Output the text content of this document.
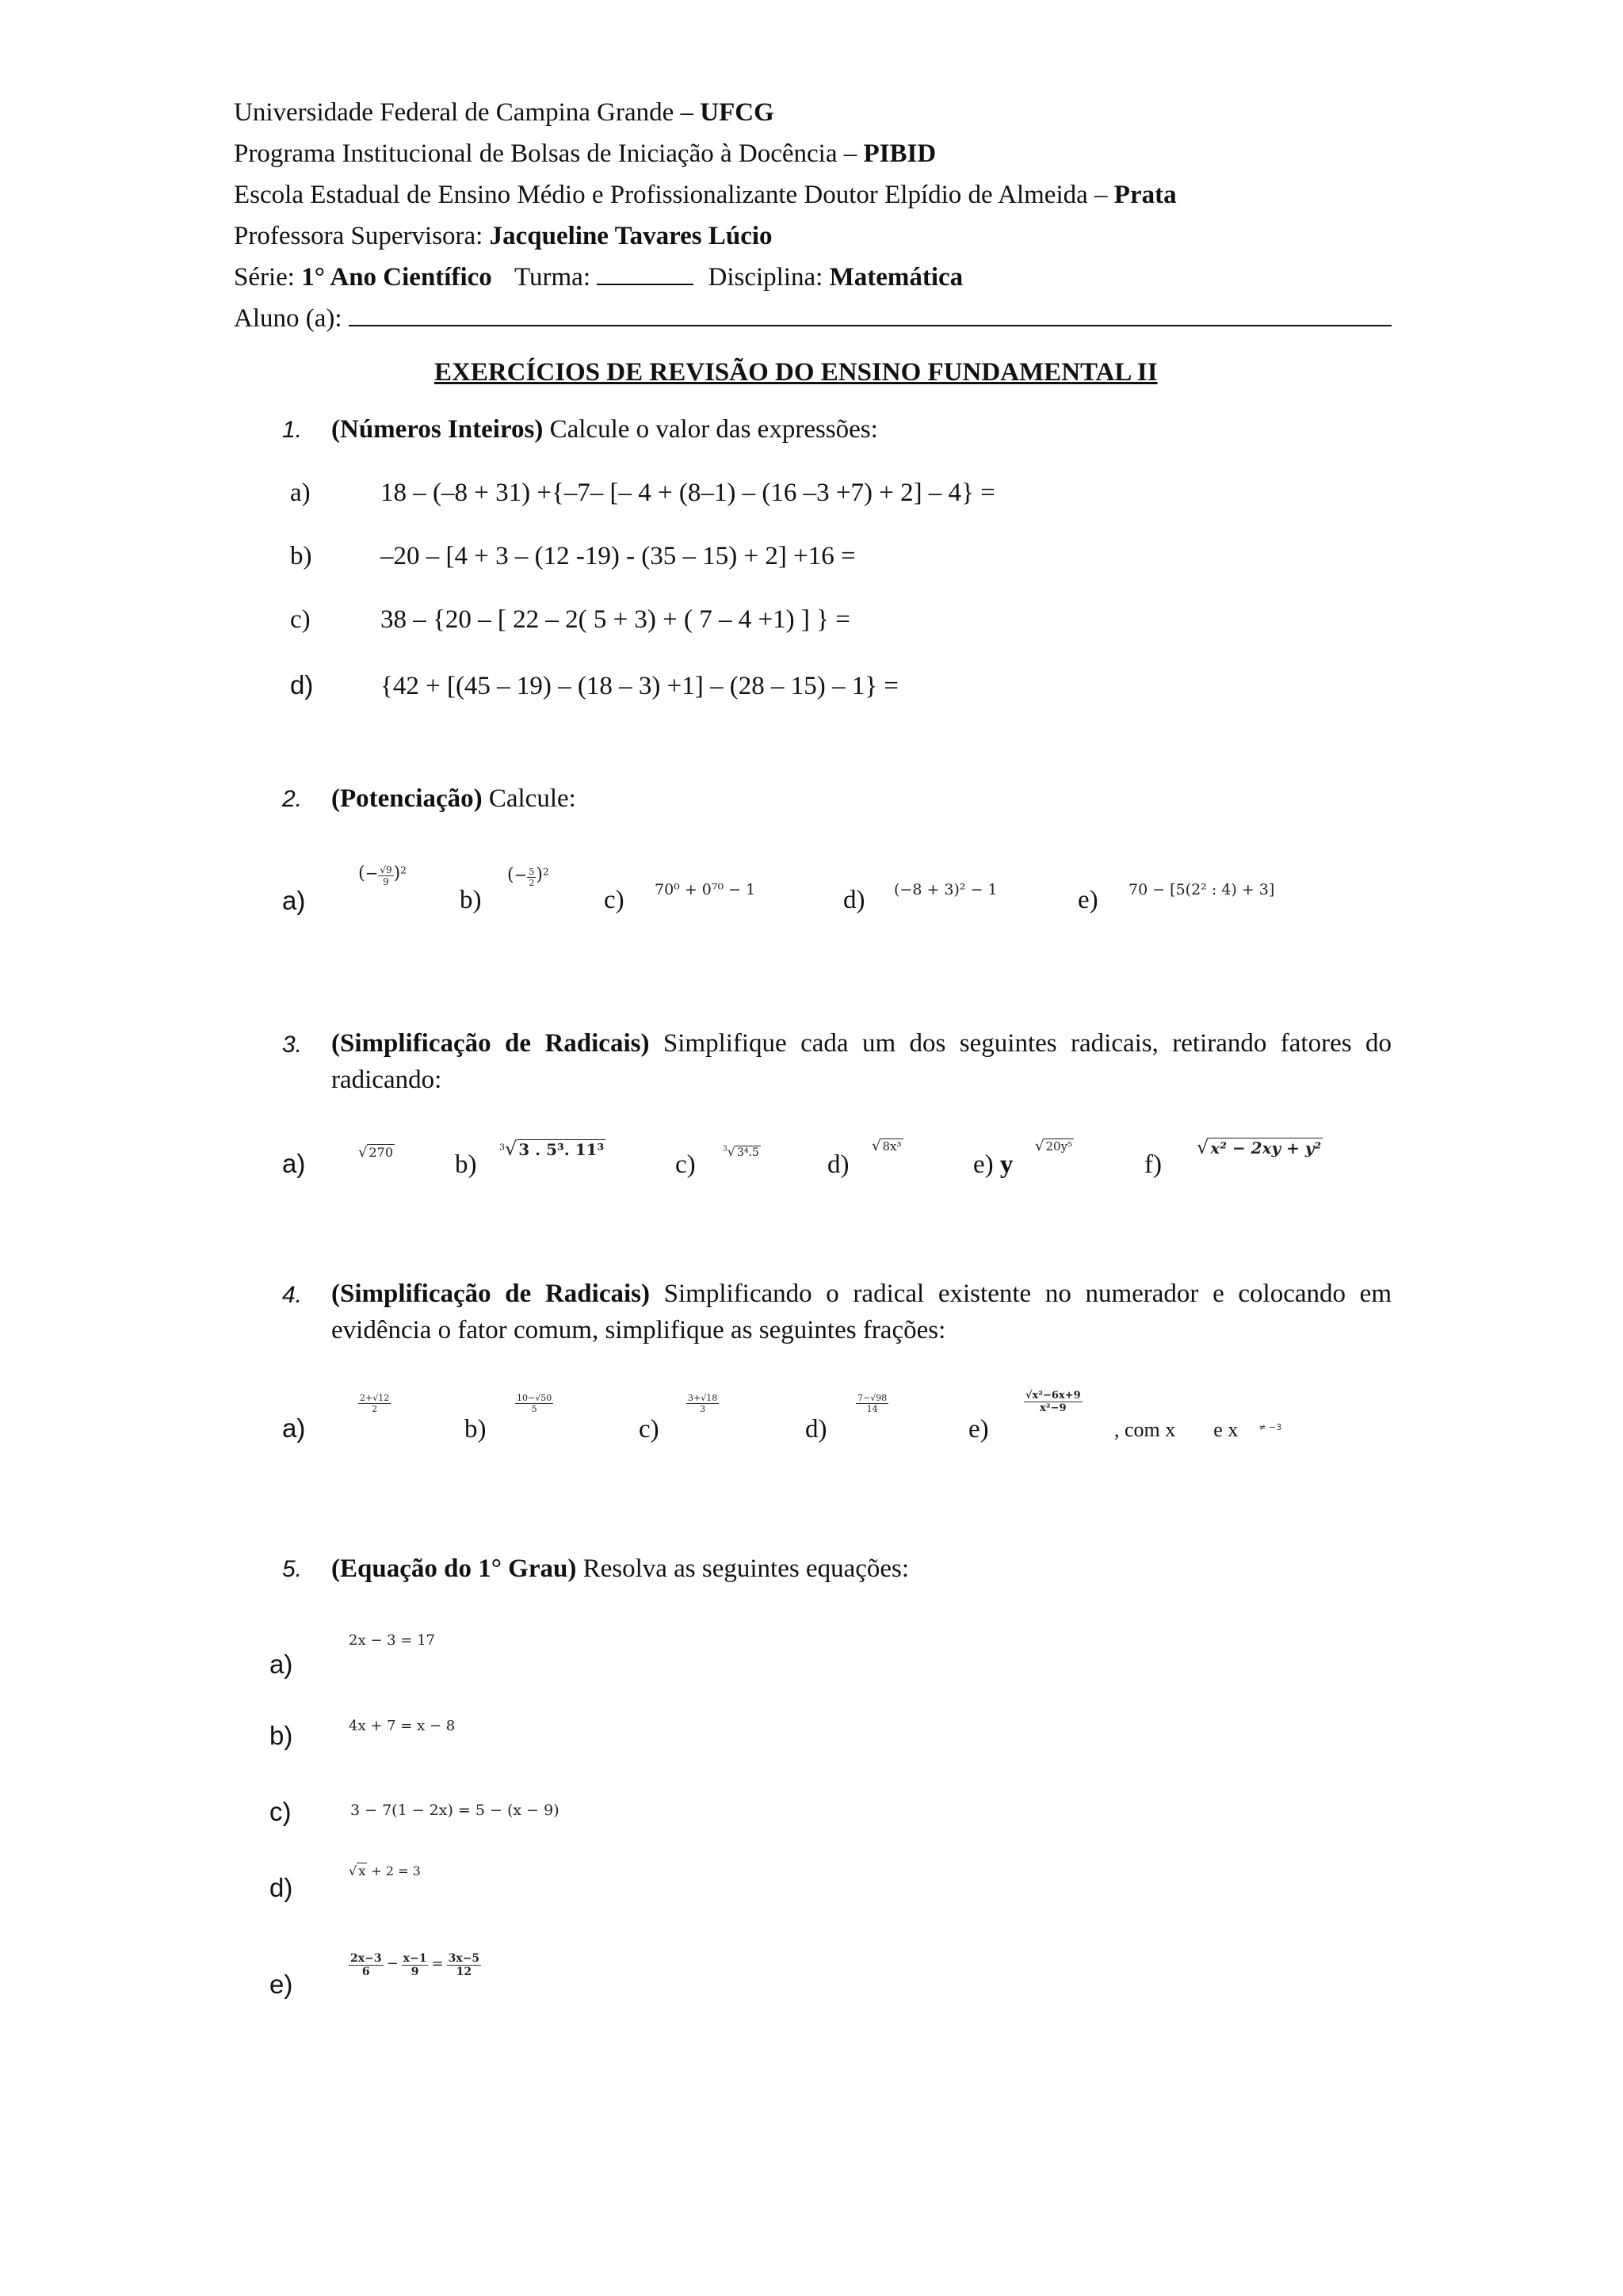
Universidade Federal de Campina Grande – UFCG
Programa Institucional de Bolsas de Iniciação à Docência – PIBID
Escola Estadual de Ensino Médio e Profissionalizante Doutor Elpídio de Almeida – Prata
Professora Supervisora: Jacqueline Tavares Lúcio
Série: 1° Ano Científico Turma:	Disciplina: Matemática
Aluno (a):
EXERCÍCIOS DE REVISÃO DO ENSINO FUNDAMENTAL II
1. (Números Inteiros) Calcule o valor das expressões:
a)	18 – (–8 + 31) +{–7– [– 4 + (8–1) – (16 –3 +7) + 2] – 4} =
b)	–20 – [4 + 3 – (12 -19) - (35 – 15) + 2] +16 =
c)	38 – {20 – [ 22 – 2( 5 + 3) + ( 7 – 4 +1) ] } =
d)	{42 + [(45 – 19) – (18 – 3) +1] – (28 – 15) – 1} =
2. (Potenciação) Calcule:
a)
(− $\frac{√9}{9} )^2$
b)
(− $\frac{5}{2} )^2$
c) 70⁰ + 0⁷⁰ − 1	d) (−8 + 3)² − 1	e) 70 − [5(2² : 4) + 3]
3. (Simplificação de Radicais) Simplifique cada um dos seguintes radicais, retirando fatores do radicando:
a)	√ 270 b)
$^3$√ 3 . 5³. 11³
c)
$^3$√ 3⁴.5	d)
√ 8x³
e) y
√ 20y⁵
f)
√ x² − 2xy + y²
4. (Simplificação de Radicais) Simplificando o radical existente no numerador e colocando em evidência o fator comum, simplifique as seguintes frações:
a)
$\frac{2+√12}{2}$
b)
$\frac{10-√50}{5}$
c)
$\frac{3+√18}{3}$
d)
$\frac{7-√98}{14}$
e)
$\frac{\text{√x²−6x+9}}{\text{x²−9}}$
, com x e x $^{\ne -3}$
5. (Equação do 1° Grau) Resolva as seguintes equações:
a)
2x − 3 = 17
b)	4x + 7 = x − 8
c)	3 − 7(1 − 2x) = 5 − (x − 9)
d)
√ x + 2 = 3
e)
$\frac{2x-3}{6} - \frac{x-1}{9} = \frac{3x-5}{12}$
